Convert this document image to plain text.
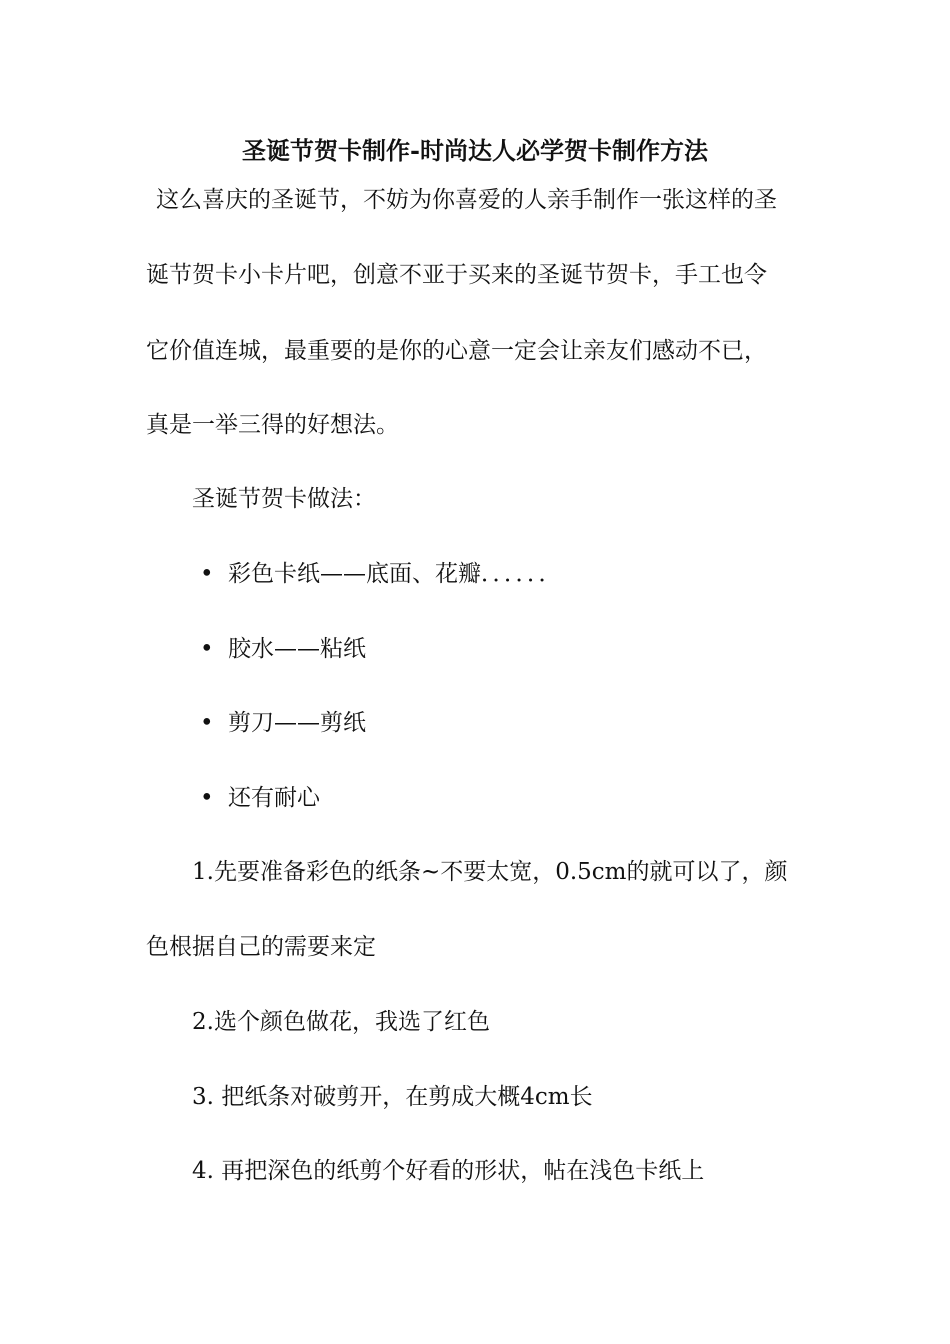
圣诞节贺卡制作-时尚达人必学贺卡制作方法
这么喜庆的圣诞节，不妨为你喜爱的人亲手制作一张这样的圣
诞节贺卡小卡片吧，创意不亚于买来的圣诞节贺卡，手工也令
它价值连城，最重要的是你的心意一定会让亲友们感动不已，
真是一举三得的好想法。
圣诞节贺卡做法：
• 彩色卡纸——底面、花瓣．．．．．．
• 胶水——粘纸
• 剪刀——剪纸
• 还有耐心
1.先要准备彩色的纸条~不要太宽，0.5cm的就可以了，颜
色根据自己的需要来定
2.选个颜色做花，我选了红色
3. 把纸条对破剪开，在剪成大概4cm长
4. 再把深色的纸剪个好看的形状，帖在浅色卡纸上
